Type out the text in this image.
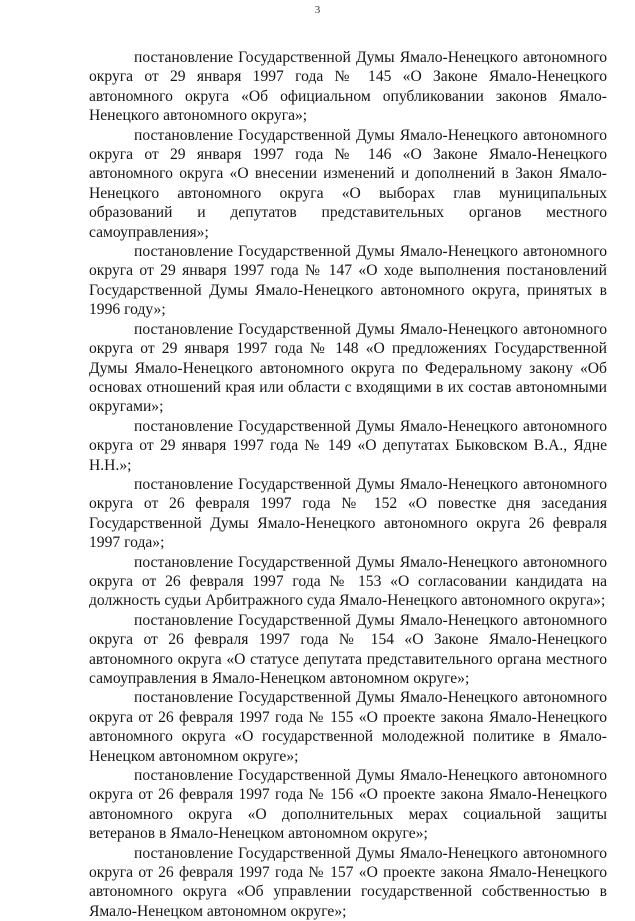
3

постановление Государственной Думы Ямало-Ненецкого автономного округа от 29 января 1997 года № 145 «О Законе Ямало-Ненецкого автономного округа «Об официальном опубликовании законов Ямало-Ненецкого автономного округа»;

постановление Государственной Думы Ямало-Ненецкого автономного округа от 29 января 1997 года № 146 «О Законе Ямало-Ненецкого автономного округа «О внесении изменений и дополнений в Закон Ямало-Ненецкого автономного округа «О выборах глав муниципальных образований и депутатов представительных органов местного самоуправления»;

постановление Государственной Думы Ямало-Ненецкого автономного округа от 29 января 1997 года № 147 «О ходе выполнения постановлений Государственной Думы Ямало-Ненецкого автономного округа, принятых в 1996 году»;

постановление Государственной Думы Ямало-Ненецкого автономного округа от 29 января 1997 года № 148 «О предложениях Государственной Думы Ямало-Ненецкого автономного округа по Федеральному закону «Об основах отношений края или области с входящими в их состав автономными округами»;

постановление Государственной Думы Ямало-Ненецкого автономного округа от 29 января 1997 года № 149 «О депутатах Быковском В.А., Ядне Н.Н.»;

постановление Государственной Думы Ямало-Ненецкого автономного округа от 26 февраля 1997 года № 152 «О повестке дня заседания Государственной Думы Ямало-Ненецкого автономного округа 26 февраля 1997 года»;

постановление Государственной Думы Ямало-Ненецкого автономного округа от 26 февраля 1997 года № 153 «О согласовании кандидата на должность судьи Арбитражного суда Ямало-Ненецкого автономного округа»;

постановление Государственной Думы Ямало-Ненецкого автономного округа от 26 февраля 1997 года № 154 «О Законе Ямало-Ненецкого автономного округа «О статусе депутата представительного органа местного самоуправления в Ямало-Ненецком автономном округе»;

постановление Государственной Думы Ямало-Ненецкого автономного округа от 26 февраля 1997 года № 155 «О проекте закона Ямало-Ненецкого автономного округа «О государственной молодежной политике в Ямало-Ненецком автономном округе»;

постановление Государственной Думы Ямало-Ненецкого автономного округа от 26 февраля 1997 года № 156 «О проекте закона Ямало-Ненецкого автономного округа «О дополнительных мерах социальной защиты ветеранов в Ямало-Ненецком автономном округе»;

постановление Государственной Думы Ямало-Ненецкого автономного округа от 26 февраля 1997 года № 157 «О проекте закона Ямало-Ненецкого автономного округа «Об управлении государственной собственностью в Ямало-Ненецком автономном округе»;
